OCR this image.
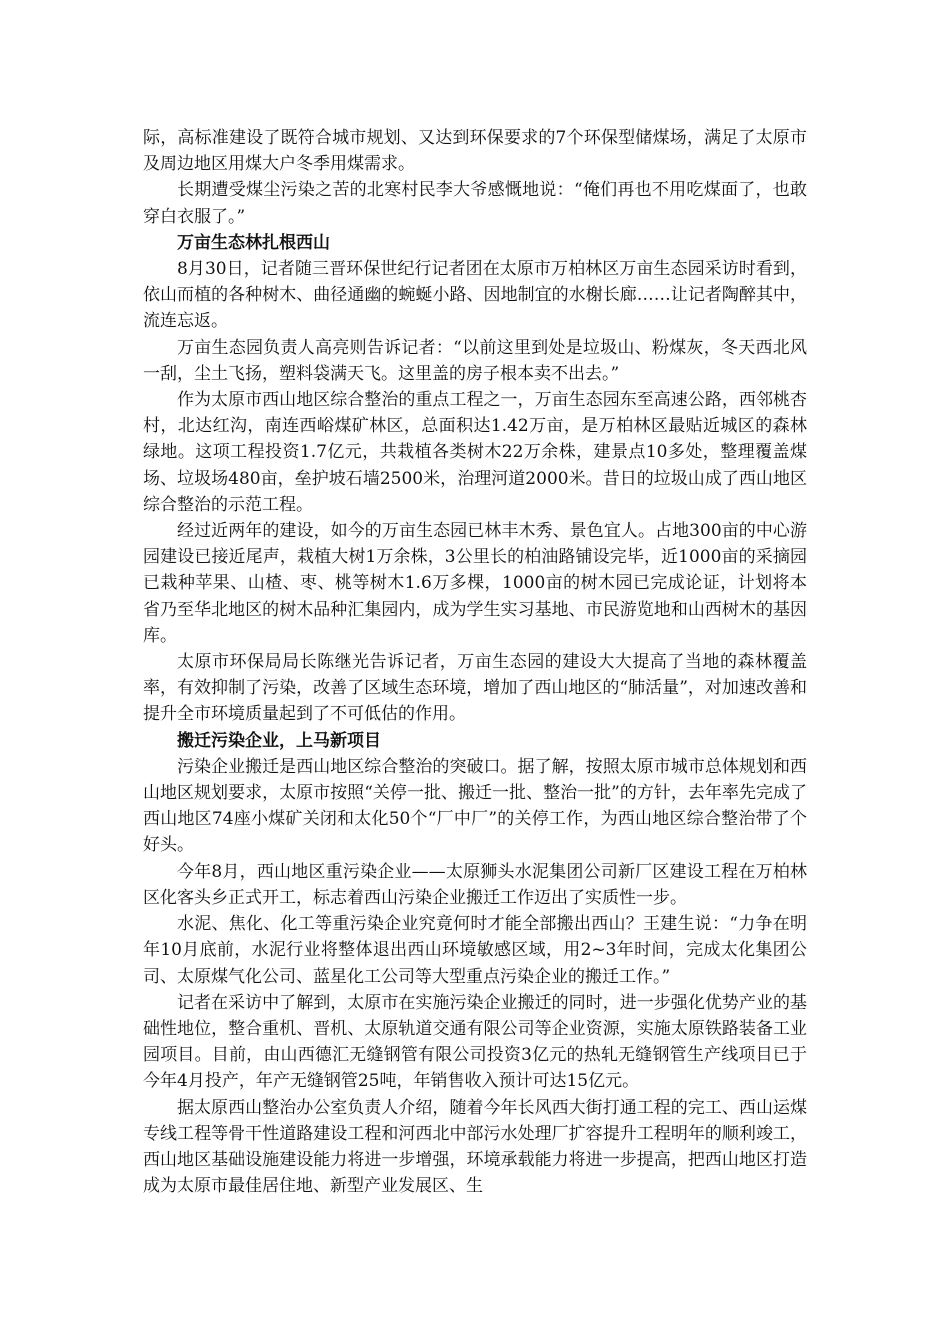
际，高标准建设了既符合城市规划、又达到环保要求的7个环保型储煤场，满足了太原市及周边地区用煤大户冬季用煤需求。

长期遭受煤尘污染之苦的北寒村民李大爷感慨地说：“俺们再也不用吃煤面了，也敢穿白衣服了。”

万亩生态林扎根西山

8月30日，记者随三晋环保世纪行记者团在太原市万柏林区万亩生态园采访时看到，依山而植的各种树木、曲径通幽的蜿蜒小路、因地制宜的水榭长廊……让记者陶醉其中，流连忘返。

万亩生态园负责人高亮则告诉记者：“以前这里到处是垃圾山、粉煤灰，冬天西北风一刮，尘土飞扬，塑料袋满天飞。这里盖的房子根本卖不出去。”

作为太原市西山地区综合整治的重点工程之一，万亩生态园东至高速公路，西邻桃杏村，北达红沟，南连西峪煤矿林区，总面积达1.42万亩，是万柏林区最贴近城区的森林绿地。这项工程投资1.7亿元，共栽植各类树木22万余株，建景点10多处，整理覆盖煤场、垃圾场480亩，垒护坡石墙2500米，治理河道2000米。昔日的垃圾山成了西山地区综合整治的示范工程。

经过近两年的建设，如今的万亩生态园已林丰木秀、景色宜人。占地300亩的中心游园建设已接近尾声，栽植大树1万余株，3公里长的柏油路铺设完毕，近1000亩的采摘园已栽种苹果、山楂、枣、桃等树木1.6万多棵，1000亩的树木园已完成论证，计划将本省乃至华北地区的树木品种汇集园内，成为学生实习基地、市民游览地和山西树木的基因库。

太原市环保局局长陈继光告诉记者，万亩生态园的建设大大提高了当地的森林覆盖率，有效抑制了污染，改善了区域生态环境，增加了西山地区的“肺活量”，对加速改善和提升全市环境质量起到了不可低估的作用。

搬迁污染企业，上马新项目

污染企业搬迁是西山地区综合整治的突破口。据了解，按照太原市城市总体规划和西山地区规划要求，太原市按照“关停一批、搬迁一批、整治一批”的方针，去年率先完成了西山地区74座小煤矿关闭和太化50个“厂中厂”的关停工作，为西山地区综合整治带了个好头。

今年8月，西山地区重污染企业——太原狮头水泥集团公司新厂区建设工程在万柏林区化客头乡正式开工，标志着西山污染企业搬迁工作迈出了实质性一步。

水泥、焦化、化工等重污染企业究竟何时才能全部搬出西山？王建生说：“力争在明年10月底前，水泥行业将整体退出西山环境敏感区域，用2~3年时间，完成太化集团公司、太原煤气化公司、蓝星化工公司等大型重点污染企业的搬迁工作。”

记者在采访中了解到，太原市在实施污染企业搬迁的同时，进一步强化优势产业的基础性地位，整合重机、晋机、太原轨道交通有限公司等企业资源，实施太原铁路装备工业园项目。目前，由山西德汇无缝钢管有限公司投资3亿元的热轧无缝钢管生产线项目已于今年4月投产，年产无缝钢管25吨，年销售收入预计可达15亿元。

据太原西山整治办公室负责人介绍，随着今年长风西大街打通工程的完工、西山运煤专线工程等骨干性道路建设工程和河西北中部污水处理厂扩容提升工程明年的顺利竣工，西山地区基础设施建设能力将进一步增强，环境承载能力将进一步提高，把西山地区打造成为太原市最佳居住地、新型产业发展区、生
